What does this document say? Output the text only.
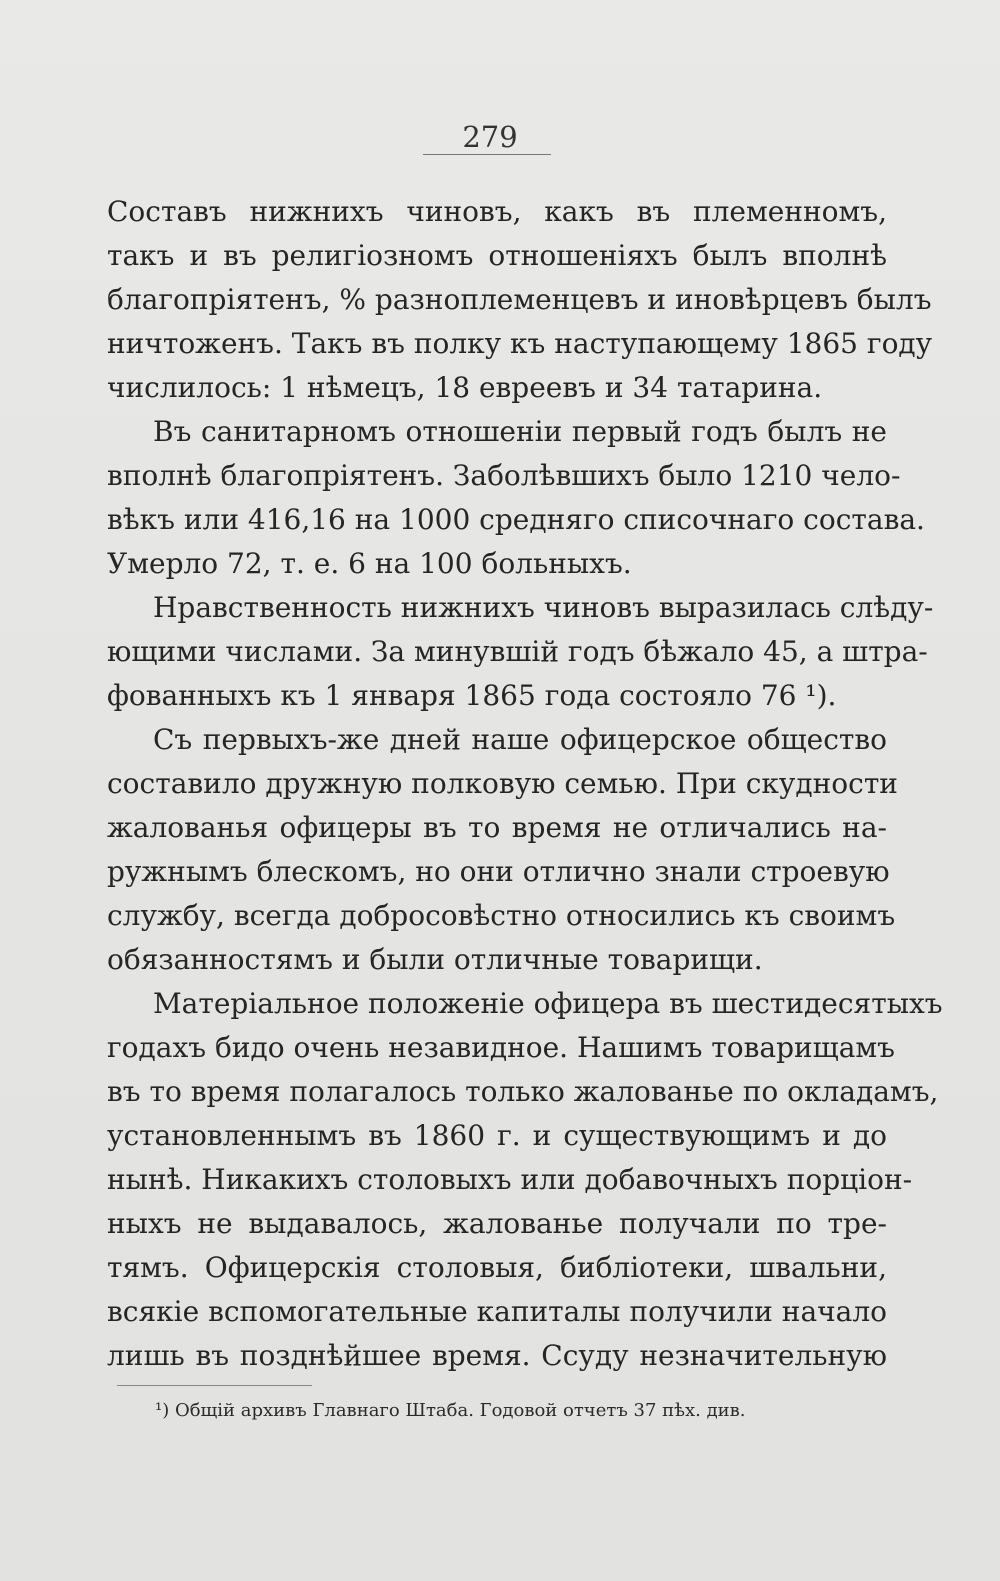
279
Составъ нижнихъ чиновъ, какъ въ племенномъ,
такъ и въ религіозномъ отношеніяхъ былъ вполнѣ
благопріятенъ, % разноплеменцевъ и иновѣрцевъ былъ
ничтоженъ. Такъ въ полку къ наступающему 1865 году
числилось: 1 нѣмецъ, 18 евреевъ и 34 татарина.
Въ санитарномъ отношеніи первый годъ былъ не
вполнѣ благопріятенъ. Заболѣвшихъ было 1210 чело-
вѣкъ или 416,16 на 1000 средняго списочнаго состава.
Умерло 72, т. е. 6 на 100 больныхъ.
Нравственность нижнихъ чиновъ выразилась слѣду-
ющими числами. За минувшій годъ бѣжало 45, а штра-
фованныхъ къ 1 января 1865 года состояло 76 ¹).
Съ первыхъ-же дней наше офицерское общество
составило дружную полковую семью. При скудности
жалованья офицеры въ то время не отличались на-
ружнымъ блескомъ, но они отлично знали строевую
службу, всегда добросовѣстно относились къ своимъ
обязанностямъ и были отличные товарищи.
Матеріальное положеніе офицера въ шестидесятыхъ
годахъ бидо очень незавидное. Нашимъ товарищамъ
въ то время полагалось только жалованье по окладамъ,
установленнымъ въ 1860 г. и существующимъ и до
нынѣ. Никакихъ столовыхъ или добавочныхъ порціон-
ныхъ не выдавалось, жалованье получали по тре-
тямъ. Офицерскія столовыя, библіотеки, швальни,
всякіе вспомогательные капиталы получили начало
лишь въ позднѣйшее время. Ссуду незначительную
¹) Общій архивъ Главнаго Штаба. Годовой отчетъ 37 пѣх. див.
